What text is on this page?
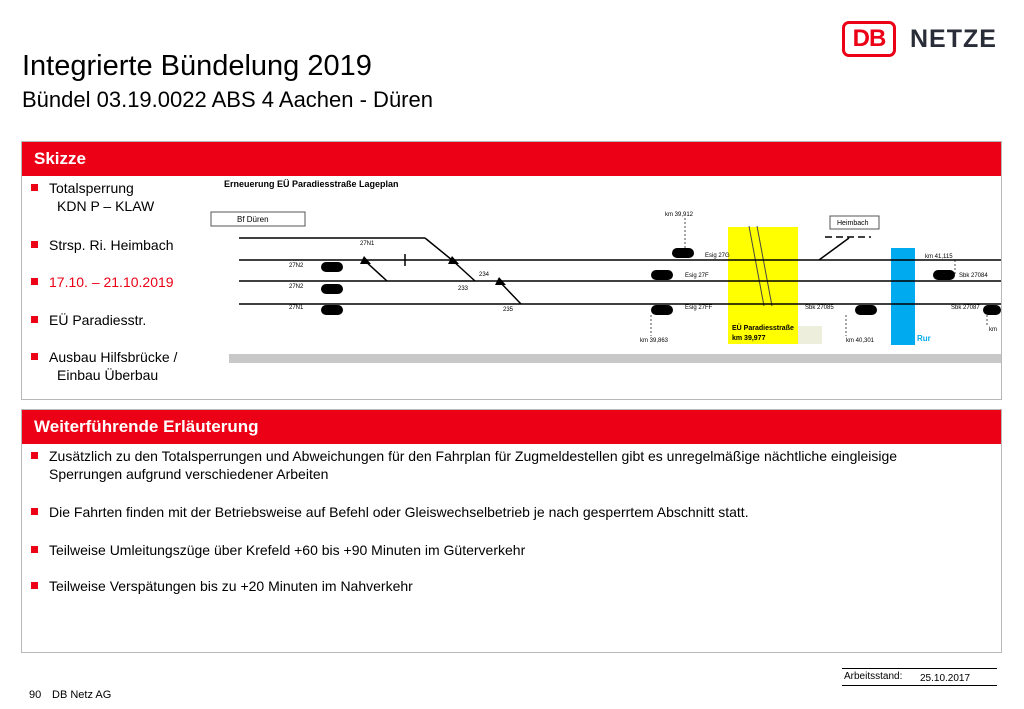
Integrierte Bündelung 2019
Bündel 03.19.0022 ABS 4 Aachen - Düren
DB NETZE
Skizze
Totalsperrung
KDN P – KLAW
Strsp. Ri. Heimbach
17.10. – 21.10.2019
EÜ Paradiesstr.
Ausbau Hilfsbrücke /
Einbau Überbau
Erneuerung EÜ Paradiesstraße Lageplan
Bf Düren	Heimbach
EÜ Paradiesstraße
km 39,977	Rur
234
233
235
27N1
27N2
27N2
27N1
Esig 27G
Esig 27F
Esig 27FF
Sbk 27084
Sbk 27085	Sbk 27087
km 39,912
km 41,115
km 39,863	km 40,301
km
Weiterführende Erläuterung
Zusätzlich zu den Totalsperrungen und Abweichungen für den Fahrplan für Zugmeldestellen gibt es unregelmäßige nächtliche eingleisige
Sperrungen aufgrund verschiedener Arbeiten
Die Fahrten finden mit der Betriebsweise auf Befehl oder Gleiswechselbetrieb je nach gesperrtem Abschnitt statt.
Teilweise Umleitungszüge über Krefeld +60 bis +90 Minuten im Güterverkehr
Teilweise Verspätungen bis zu +20 Minuten im Nahverkehr
Arbeitsstand: 25.10.2017
90 DB Netz AG
